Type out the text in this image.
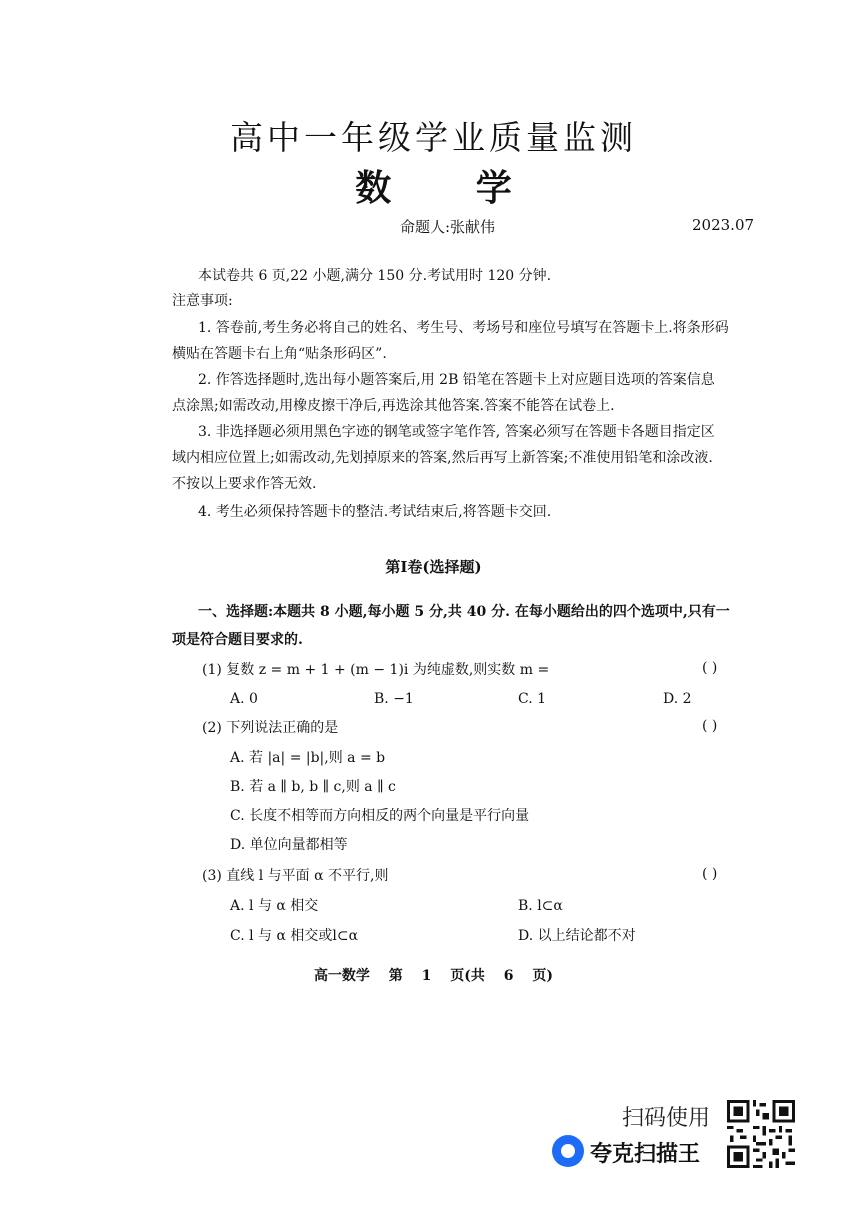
高中一年级学业质量监测
数 学
命题人:张献伟	2023.07
本试卷共 6 页,22 小题,满分 150 分.考试用时 120 分钟.
注意事项:
1. 答卷前,考生务必将自己的姓名、考生号、考场号和座位号填写在答题卡上.将条形码
横贴在答题卡右上角“贴条形码区”.
2. 作答选择题时,选出每小题答案后,用 2B 铅笔在答题卡上对应题目选项的答案信息
点涂黑;如需改动,用橡皮擦干净后,再选涂其他答案.答案不能答在试卷上.
3. 非选择题必须用黑色字迹的钢笔或签字笔作答, 答案必须写在答题卡各题目指定区
域内相应位置上;如需改动,先划掉原来的答案,然后再写上新答案;不准使用铅笔和涂改液.
不按以上要求作答无效.
4. 考生必须保持答题卡的整洁.考试结束后,将答题卡交回.
第I卷(选择题)
一、选择题:本题共 8 小题,每小题 5 分,共 40 分. 在每小题给出的四个选项中,只有一
项是符合题目要求的.
(1) 复数 z = m + 1 + (m − 1)i 为纯虚数,则实数 m =	( )
A. 0	B. −1	C. 1	D. 2
(2) 下列说法正确的是	( )
A. 若 |a| = |b|,则 a = b
B. 若 a ∥ b, b ∥ c,则 a ∥ c
C. 长度不相等而方向相反的两个向量是平行向量
D. 单位向量都相等
(3) 直线 l 与平面 α 不平行,则	( )
A. l 与 α 相交	B. l⊂α
C. l 与 α 相交或l⊂α	D. 以上结论都不对
高一数学 第 1 页(共 6 页)
扫码使用
夸克扫描王
